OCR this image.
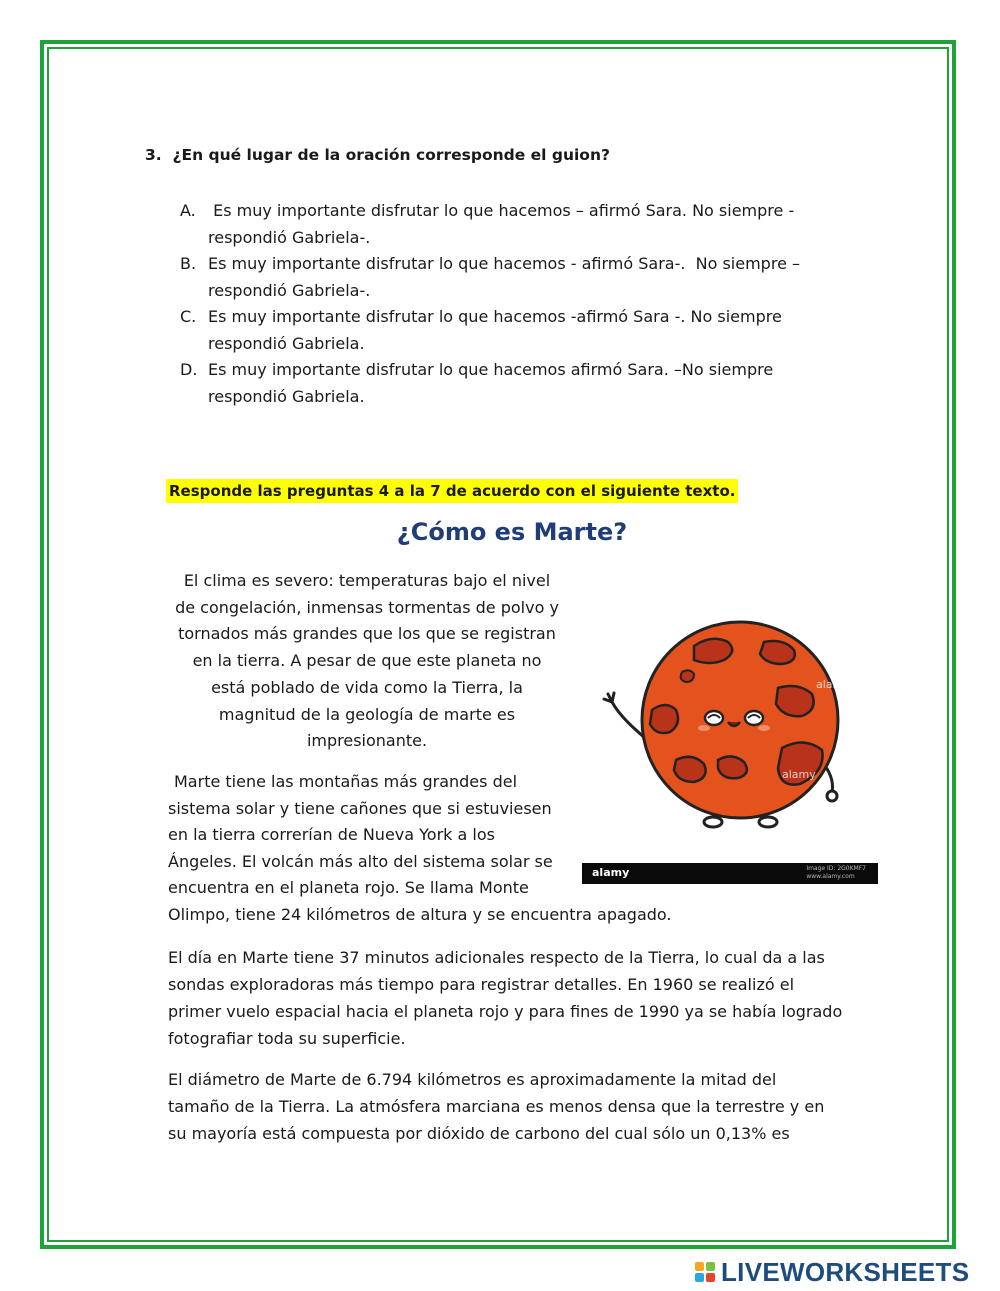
3. ¿En qué lugar de la oración corresponde el guion?
A. Es muy importante disfrutar lo que hacemos – afirmó Sara. No siempre -
respondió Gabriela-.
B. Es muy importante disfrutar lo que hacemos - afirmó Sara-.  No siempre –
respondió Gabriela-.
C. Es muy importante disfrutar lo que hacemos -afirmó Sara -. No siempre
respondió Gabriela.
D. Es muy importante disfrutar lo que hacemos afirmó Sara. –No siempre
respondió Gabriela.
Responde las preguntas 4 a la 7 de acuerdo con el siguiente texto.
¿Cómo es Marte?
El clima es severo: temperaturas bajo el nivel
de congelación, inmensas tormentas de polvo y
tornados más grandes que los que se registran
en la tierra. A pesar de que este planeta no
está poblado de vida como la Tierra, la
magnitud de la geología de marte es
impresionante.
Marte tiene las montañas más grandes del
sistema solar y tiene cañones que si estuviesen
en la tierra correrían de Nueva York a los
Ángeles. El volcán más alto del sistema solar se
encuentra en el planeta rojo. Se llama Monte
Olimpo, tiene 24 kilómetros de altura y se encuentra apagado.
El día en Marte tiene 37 minutos adicionales respecto de la Tierra, lo cual da a las
sondas exploradoras más tiempo para registrar detalles. En 1960 se realizó el
primer vuelo espacial hacia el planeta rojo y para fines de 1990 ya se había logrado
fotografiar toda su superficie.
El diámetro de Marte de 6.794 kilómetros es aproximadamente la mitad del
tamaño de la Tierra. La atmósfera marciana es menos densa que la terrestre y en
su mayoría está compuesta por dióxido de carbono del cual sólo un 0,13% es
alamy
alamy
alamy	Image ID: 2G0KMF7
www.alamy.com
LIVEWORKSHEETS
